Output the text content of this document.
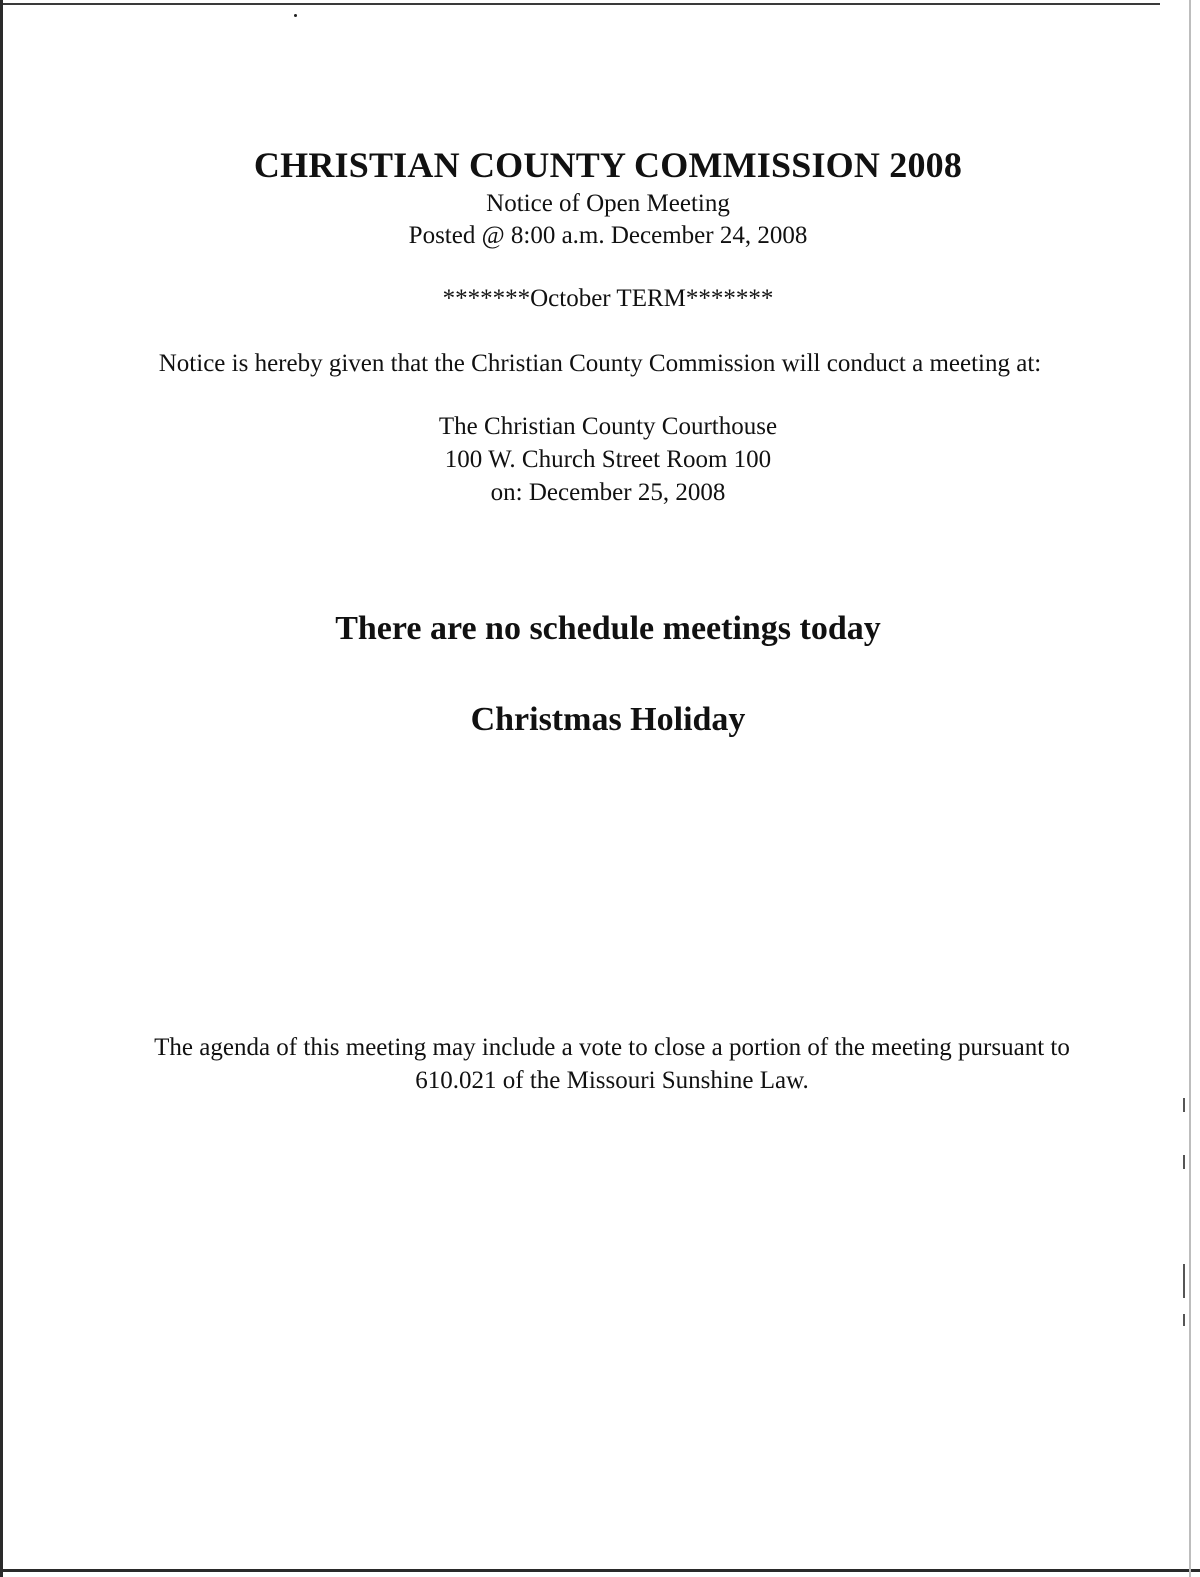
CHRISTIAN COUNTY COMMISSION 2008
Notice of Open Meeting
Posted @ 8:00 a.m. December 24, 2008
*******October TERM*******
Notice is hereby given that the Christian County Commission will conduct a meeting at:
The Christian County Courthouse
100 W. Church Street Room 100
on: December 25, 2008
There are no schedule meetings today
Christmas Holiday
The agenda of this meeting may include a vote to close a portion of the meeting pursuant to
610.021 of the Missouri Sunshine Law.
